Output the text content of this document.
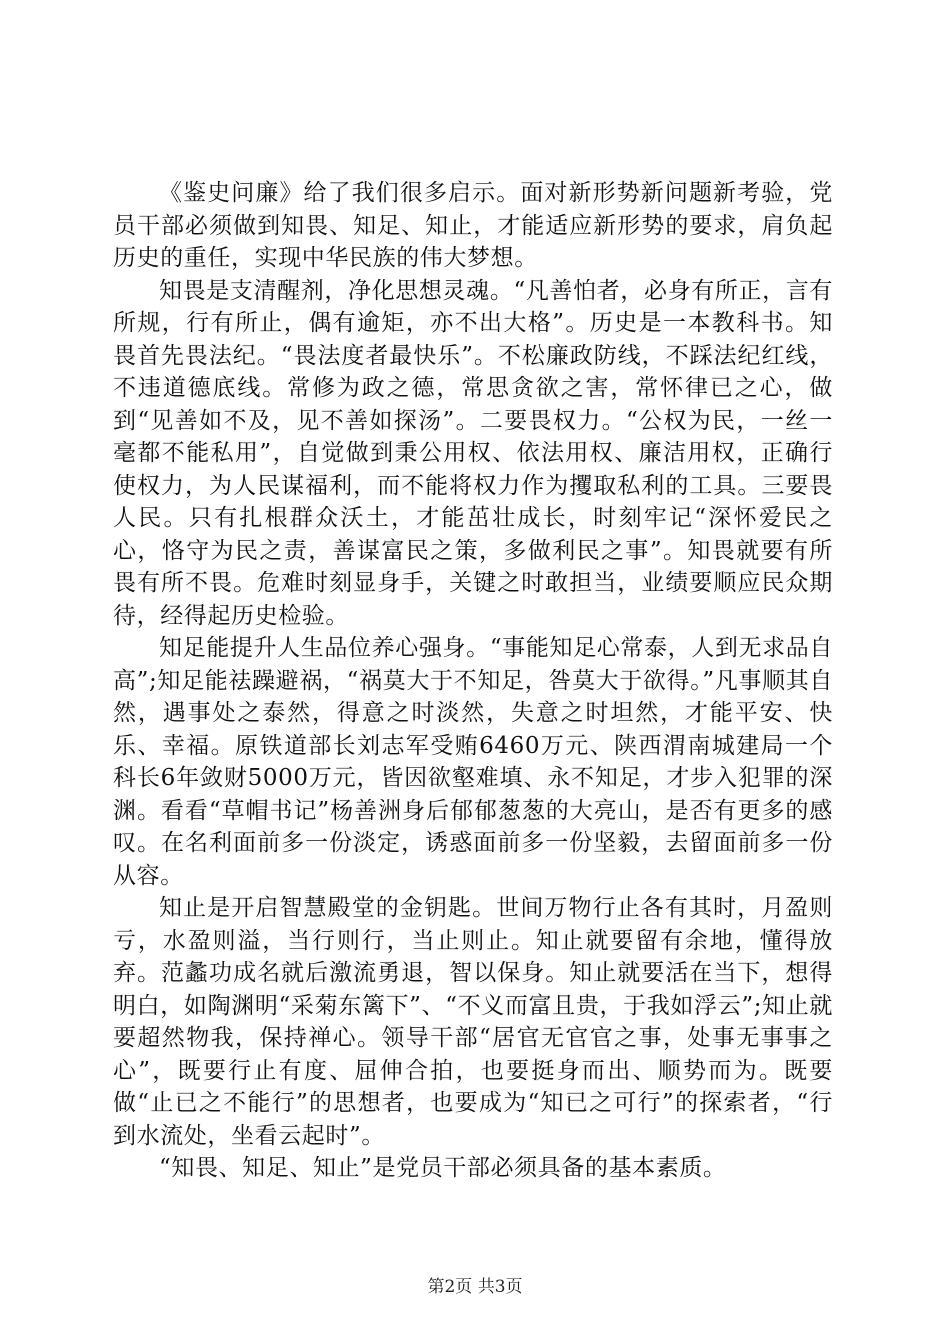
《鉴史问廉》给了我们很多启示。面对新形势新问题新考验，党员干部必须做到知畏、知足、知止，才能适应新形势的要求，肩负起历史的重任，实现中华民族的伟大梦想。

知畏是支清醒剂，净化思想灵魂。“凡善怕者，必身有所正，言有所规，行有所止，偶有逾矩，亦不出大格”。历史是一本教科书。知畏首先畏法纪。“畏法度者最快乐”。不松廉政防线，不踩法纪红线，不违道德底线。常修为政之德，常思贪欲之害，常怀律已之心，做到“见善如不及，见不善如探汤”。二要畏权力。“公权为民，一丝一毫都不能私用”，自觉做到秉公用权、依法用权、廉洁用权，正确行使权力，为人民谋福利，而不能将权力作为攫取私利的工具。三要畏人民。只有扎根群众沃土，才能茁壮成长，时刻牢记“深怀爱民之心，恪守为民之责，善谋富民之策，多做利民之事”。知畏就要有所畏有所不畏。危难时刻显身手，关键之时敢担当，业绩要顺应民众期待，经得起历史检验。

知足能提升人生品位养心强身。“事能知足心常泰，人到无求品自高”;知足能祛躁避祸，“祸莫大于不知足，咎莫大于欲得。”凡事顺其自然，遇事处之泰然，得意之时淡然，失意之时坦然，才能平安、快乐、幸福。原铁道部长刘志军受贿6460万元、陕西渭南城建局一个科长6年敛财5000万元，皆因欲壑难填、永不知足，才步入犯罪的深渊。看看“草帽书记”杨善洲身后郁郁葱葱的大亮山，是否有更多的感叹。在名利面前多一份淡定，诱惑面前多一份坚毅，去留面前多一份从容。

知止是开启智慧殿堂的金钥匙。世间万物行止各有其时，月盈则亏，水盈则溢，当行则行，当止则止。知止就要留有余地，懂得放弃。范蠡功成名就后激流勇退，智以保身。知止就要活在当下，想得明白，如陶渊明“采菊东篱下”、“不义而富且贵，于我如浮云”;知止就要超然物我，保持禅心。领导干部“居官无官官之事，处事无事事之心”，既要行止有度、屈伸合拍，也要挺身而出、顺势而为。既要做“止已之不能行”的思想者，也要成为“知已之可行”的探索者，“行到水流处，坐看云起时”。

“知畏、知足、知止”是党员干部必须具备的基本素质。

第2页 共3页
